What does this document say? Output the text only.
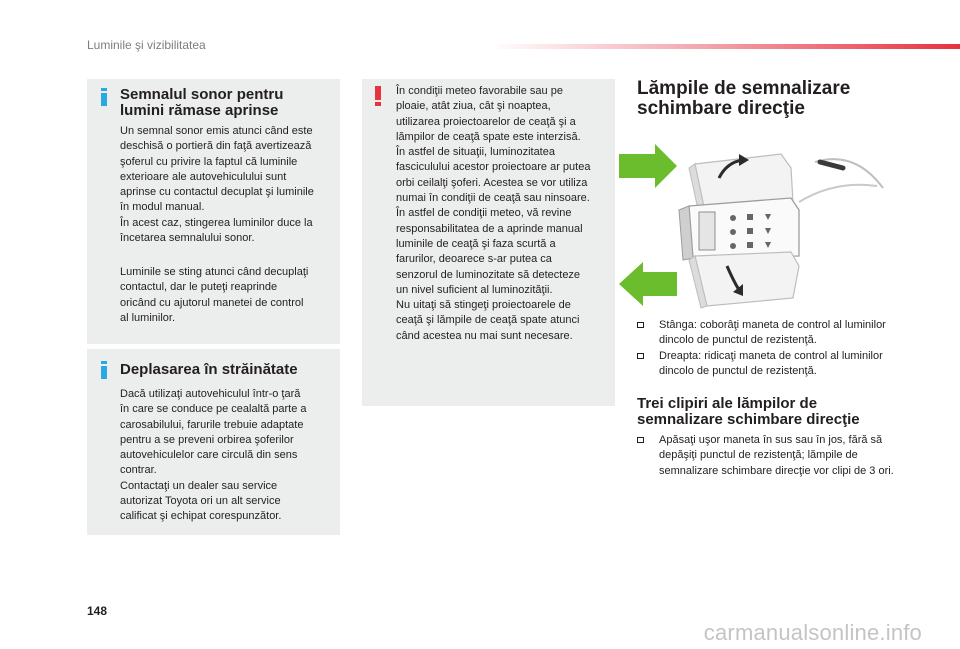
Luminile şi vizibilitatea
Semnalul sonor pentru
lumini rămase aprinse
Un semnal sonor emis atunci când este
deschisă o portieră din faţă avertizează
şoferul cu privire la faptul că luminile
exterioare ale autovehiculului sunt
aprinse cu contactul decuplat şi luminile
în modul manual.
În acest caz, stingerea luminilor duce la
încetarea semnalului sonor.
Luminile se sting atunci când decuplaţi
contactul, dar le puteţi reaprinde
oricând cu ajutorul manetei de control
al luminilor.
Deplasarea în străinătate
Dacă utilizaţi autovehiculul într-o ţară
în care se conduce pe cealaltă parte a
carosabilului, farurile trebuie adaptate
pentru a se preveni orbirea şoferilor
autovehiculelor care circulă din sens
contrar.
Contactaţi un dealer sau service
autorizat Toyota ori un alt service
calificat şi echipat corespunzător.
În condiţii meteo favorabile sau pe
ploaie, atât ziua, cât şi noaptea,
utilizarea proiectoarelor de ceaţă şi a
lămpilor de ceaţă spate este interzisă.
În astfel de situaţii, luminozitatea
fasciculului acestor proiectoare ar putea
orbi ceilalţi şoferi. Acestea se vor utiliza
numai în condiţii de ceaţă sau ninsoare.
În astfel de condiţii meteo, vă revine
responsabilitatea de a aprinde manual
luminile de ceaţă şi faza scurtă a
farurilor, deoarece s-ar putea ca
senzorul de luminozitate să detecteze
un nivel suficient al luminozităţii.
Nu uitaţi să stingeţi proiectoarele de
ceaţă şi lămpile de ceaţă spate atunci
când acestea nu mai sunt necesare.
Lămpile de semnalizare
schimbare direcţie
Stânga: coborâţi maneta de control al luminilor dincolo de punctul de rezistenţă.
Dreapta: ridicaţi maneta de control al luminilor dincolo de punctul de rezistenţă.
Trei clipiri ale lămpilor de
semnalizare schimbare direcţie
Apăsaţi uşor maneta în sus sau în jos, fără să depăşiţi punctul de rezistenţă; lămpile de semnalizare schimbare direcţie vor clipi de 3 ori.
148
carmanualsonline.info
